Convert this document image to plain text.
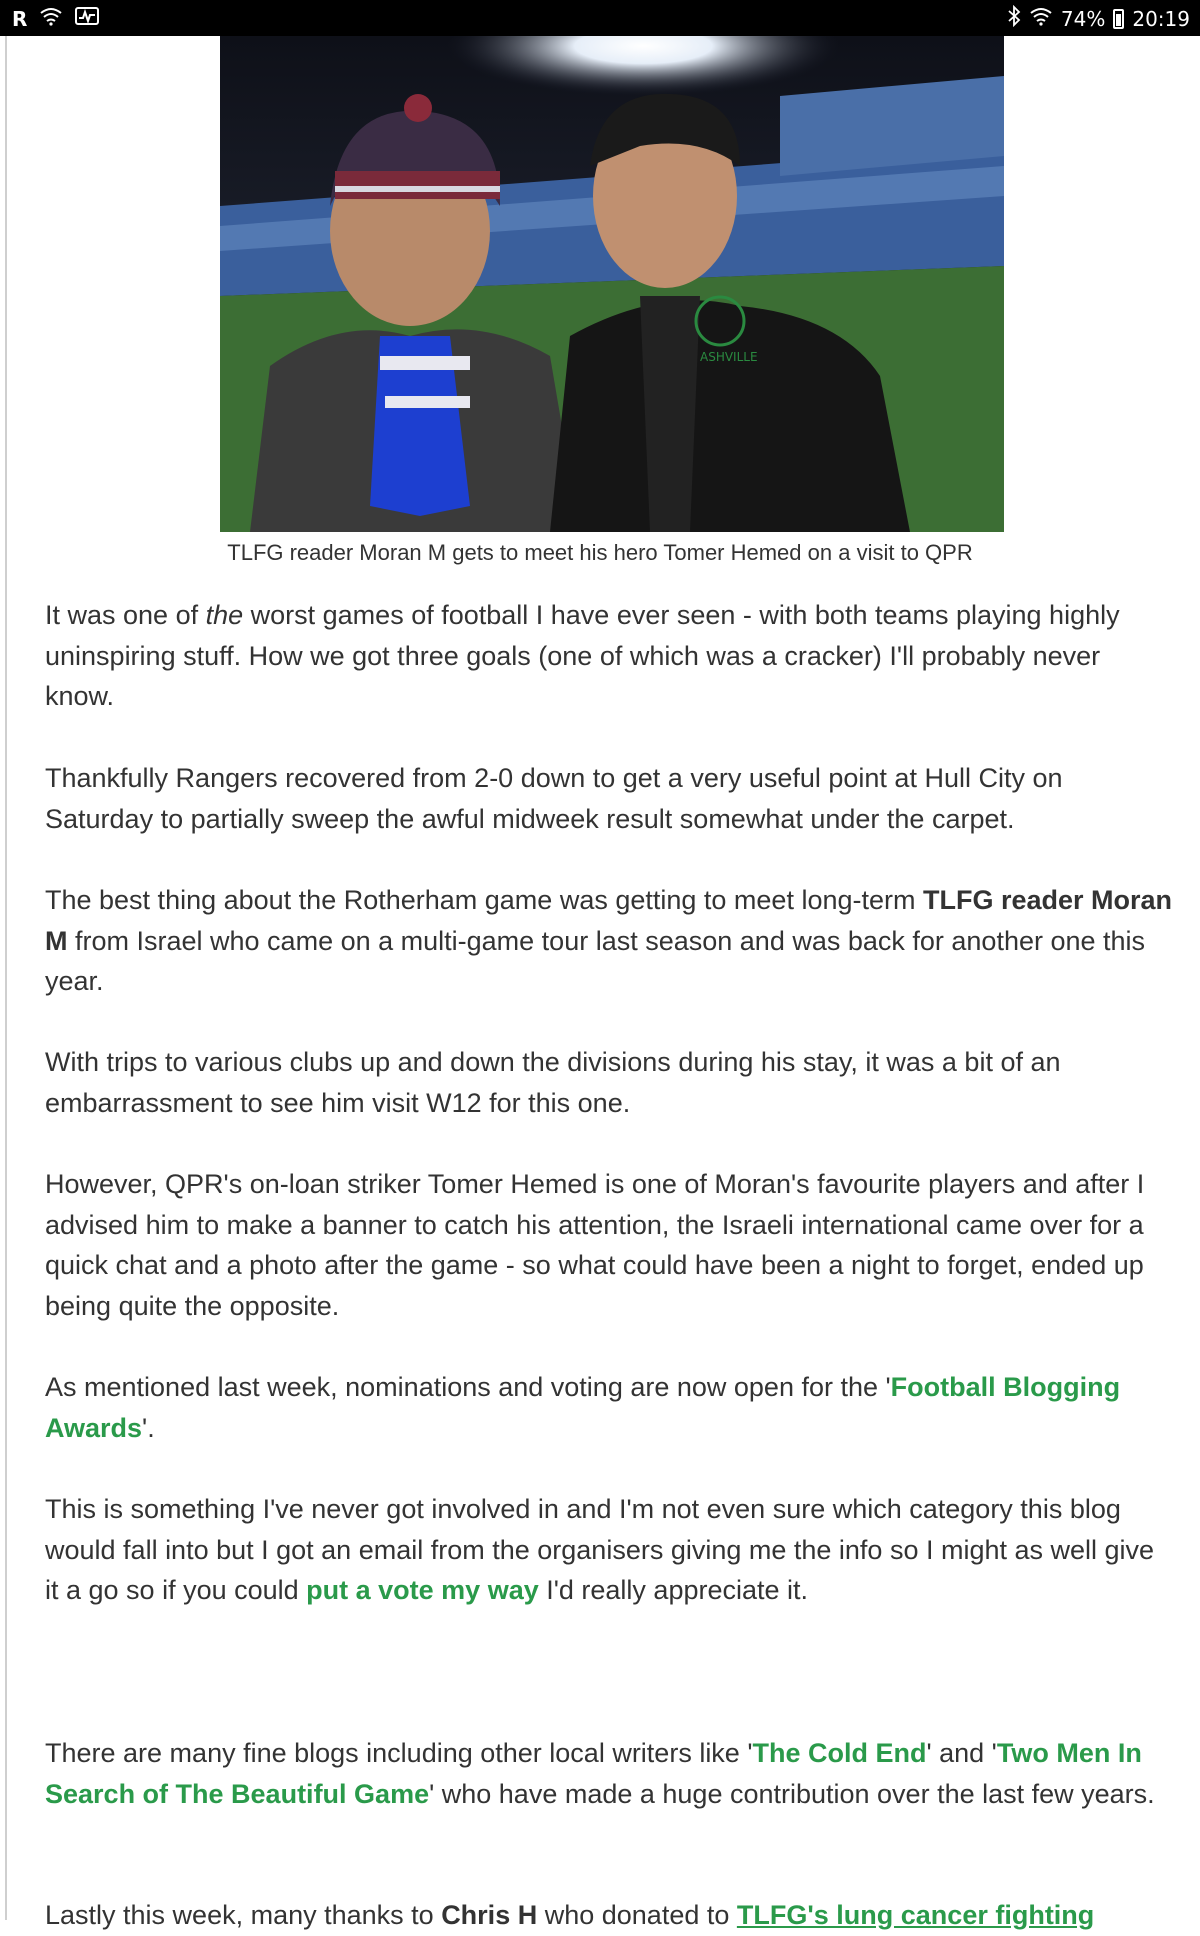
R	74% 20:19
ASHVILLE
TLFG reader Moran M gets to meet his hero Tomer Hemed on a visit to QPR

It was one of the worst games of football I have ever seen - with both teams playing highly uninspiring stuff. How we got three goals (one of which was a cracker) I'll probably never know.

Thankfully Rangers recovered from 2-0 down to get a very useful point at Hull City on Saturday to partially sweep the awful midweek result somewhat under the carpet.

The best thing about the Rotherham game was getting to meet long-term TLFG reader Moran M from Israel who came on a multi-game tour last season and was back for another one this year.

With trips to various clubs up and down the divisions during his stay, it was a bit of an embarrassment to see him visit W12 for this one.

However, QPR's on-loan striker Tomer Hemed is one of Moran's favourite players and after I advised him to make a banner to catch his attention, the Israeli international came over for a quick chat and a photo after the game - so what could have been a night to forget, ended up being quite the opposite.

As mentioned last week, nominations and voting are now open for the 'Football Blogging Awards'.

This is something I've never got involved in and I'm not even sure which category this blog would fall into but I got an email from the organisers giving me the info so I might as well give it a go so if you could put a vote my way I'd really appreciate it.

There are many fine blogs including other local writers like 'The Cold End' and 'Two Men In Search of The Beautiful Game' who have made a huge contribution over the last few years.

Lastly this week, many thanks to Chris H who donated to TLFG's lung cancer fighting
